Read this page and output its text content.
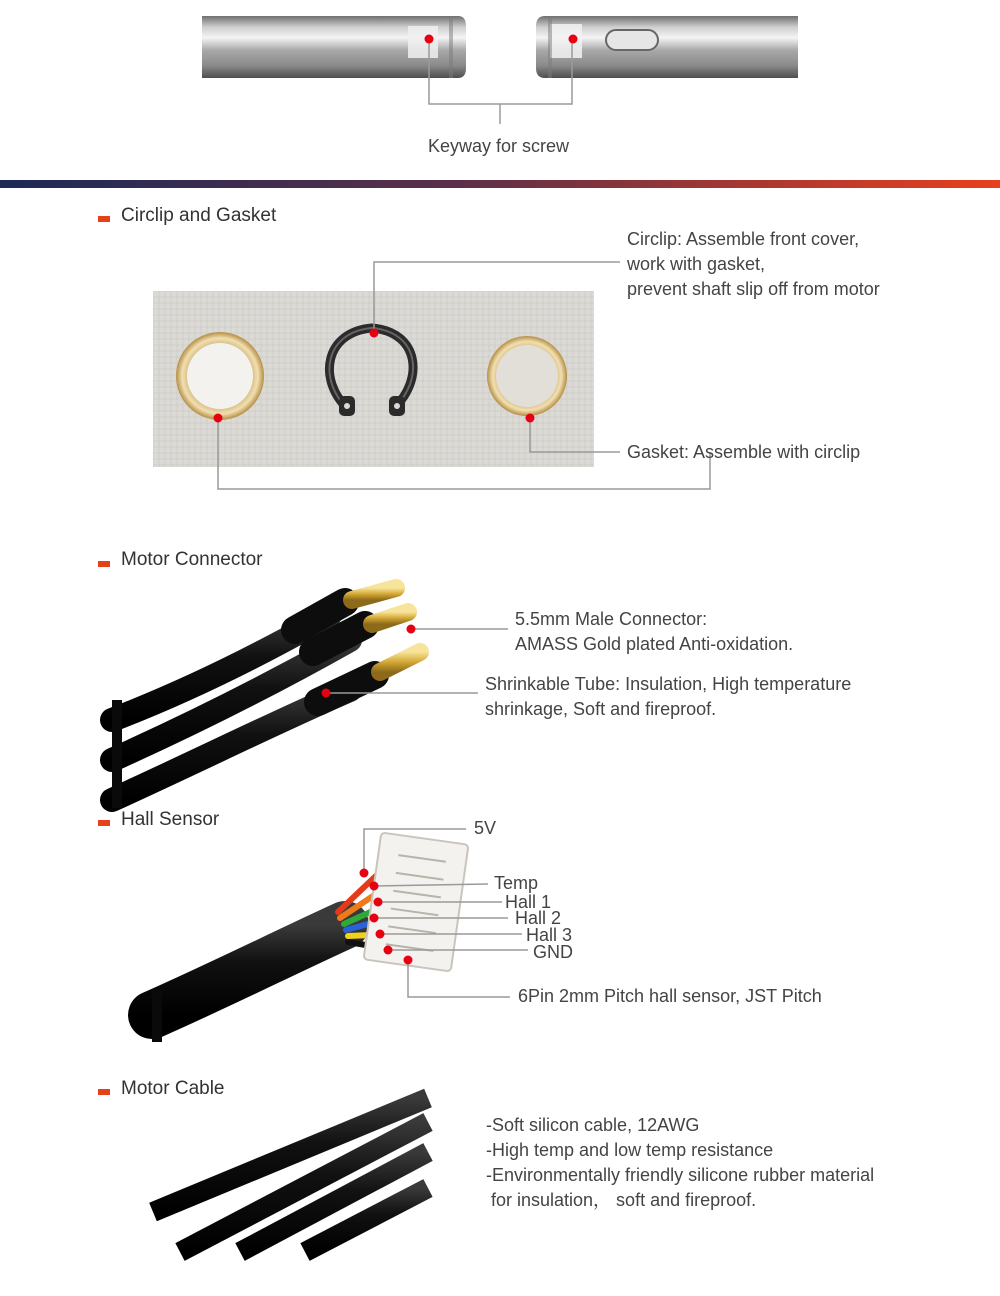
Keyway for screw
Circlip and Gasket
Circlip: Assemble front cover,
work with gasket,
prevent shaft slip off from motor
Gasket: Assemble with circlip
Motor Connector
5.5mm Male Connector:
AMASS Gold plated Anti-oxidation.
Shrinkable Tube: Insulation, High temperature
shrinkage, Soft and fireproof.
Hall Sensor	5V
Temp
Hall 1
Hall 2
Hall 3
GND
6Pin 2mm Pitch hall sensor, JST Pitch
Motor Cable
-Soft silicon cable, 12AWG
-High temp and low temp resistance
-Environmentally friendly silicone rubber material
for insulation， soft and fireproof.
